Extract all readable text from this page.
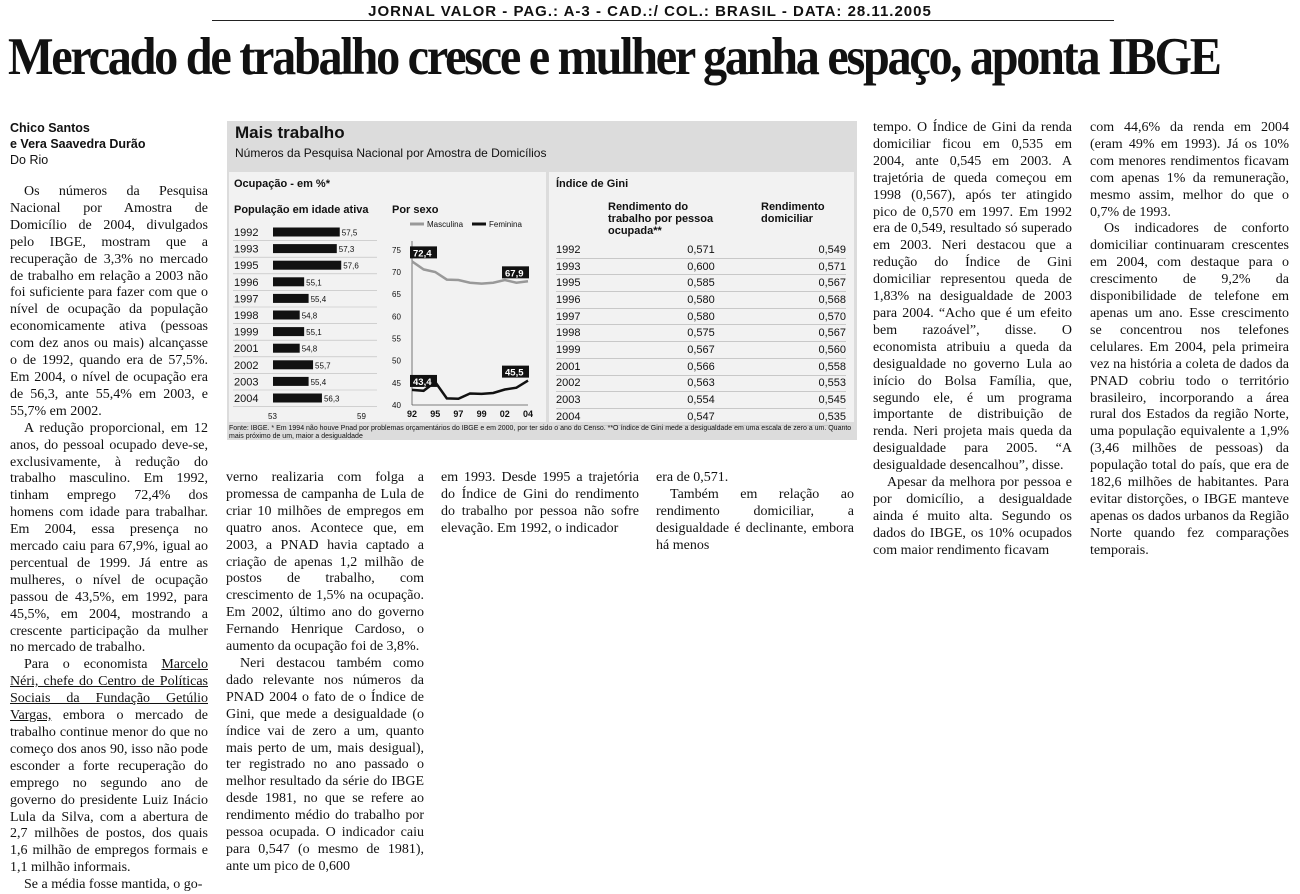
JORNAL VALOR - PAG.: A-3 - CAD.:/ COL.: BRASIL - DATA: 28.11.2005
Mercado de trabalho cresce e mulher ganha espaço, aponta IBGE
Chico Santos
e Vera Saavedra Durão
Do Rio

Os números da Pesquisa Nacional por Amostra de Domicílio de 2004, divulgados pelo IBGE, mostram que a recuperação de 3,3% no mercado de trabalho em relação a 2003 não foi suficiente para fazer com que o nível de ocupação da população economicamente ativa (pessoas com dez anos ou mais) alcançasse o de 1992, quando era de 57,5%. Em 2004, o nível de ocupação era de 56,3, ante 55,4% em 2003, e 55,7% em 2002.

A redução proporcional, em 12 anos, do pessoal ocupado deve-se, exclusivamente, à redução do trabalho masculino. Em 1992, tinham emprego 72,4% dos homens com idade para trabalhar. Em 2004, essa presença no mercado caiu para 67,9%, igual ao percentual de 1999. Já entre as mulheres, o nível de ocupação passou de 43,5%, em 1992, para 45,5%, em 2004, mostrando a crescente participação da mulher no mercado de trabalho.

Para o economista Marcelo Néri, chefe do Centro de Políticas Sociais da Fundação Getúlio Vargas, embora o mercado de trabalho continue menor do que no começo dos anos 90, isso não pode esconder a forte recuperação do emprego no segundo ano de governo do presidente Luiz Inácio Lula da Silva, com a abertura de 2,7 milhões de postos, dos quais 1,6 milhão de empregos formais e 1,1 milhão informais.

Se a média fosse mantida, o go-

Mais trabalho
Números da Pesquisa Nacional por Amostra de Domicílios
Ocupação - em %*
População em idade ativa Por sexo
1992	57,5
1993	57,3
1995	57,6
1996	55,1
1997	55,4
1998	54,8
1999	55,1
2001	54,8
2002	55,7
2003	55,4
2004	56,3
53	59
40
45
50
55
60
65
70
75
92 95 97 99 02 04
Masculina	Feminina
72,4
67,9
43,4
45,5
Índice de Gini
Rendimento do trabalho por pessoa ocupada**
Rendimento domiciliar
1992	0,571	0,549
1993	0,600	0,571
1995	0,585	0,567
1996	0,580	0,568
1997	0,580	0,570
1998	0,575	0,567
1999	0,567	0,560
2001	0,566	0,558
2002	0,563	0,553
2003	0,554	0,545
2004	0,547	0,535
Fonte: IBGE. * Em 1994 não houve Pnad por problemas orçamentários do IBGE e em 2000, por ter sido o ano do Censo. **O índice de Gini mede a desigualdade em uma escala de zero a um. Quanto mais próximo de um, maior a desigualdade

verno realizaria com folga a promessa de campanha de Lula de criar 10 milhões de empregos em quatro anos. Acontece que, em 2003, a PNAD havia captado a criação de apenas 1,2 milhão de postos de trabalho, com crescimento de 1,5% na ocupação. Em 2002, último ano do governo Fernando Henrique Cardoso, o aumento da ocupação foi de 3,8%.

Neri destacou também como dado relevante nos números da PNAD 2004 o fato de o Índice de Gini, que mede a desigualdade (o índice vai de zero a um, quanto mais perto de um, mais desigual), ter registrado no ano passado o melhor resultado da série do IBGE desde 1981, no que se refere ao rendimento médio do trabalho por pessoa ocupada. O indicador caiu para 0,547 (o mesmo de 1981), ante um pico de 0,600

em 1993. Desde 1995 a trajetória do Índice de Gini do rendimento do trabalho por pessoa não sofre elevação. Em 1992, o indicador

era de 0,571.

Também em relação ao rendimento domiciliar, a desigualdade é declinante, embora há menos

tempo. O Índice de Gini da renda domiciliar ficou em 0,535 em 2004, ante 0,545 em 2003. A trajetória de queda começou em 1998 (0,567), após ter atingido pico de 0,570 em 1997. Em 1992 era de 0,549, resultado só superado em 2003. Neri destacou que a redução do Índice de Gini domiciliar representou queda de 1,83% na desigualdade de 2003 para 2004. “Acho que é um efeito bem razoável”, disse. O economista atribuiu a queda da desigualdade no governo Lula ao início do Bolsa Família, que, segundo ele, é um programa importante de distribuição de renda. Neri projeta mais queda da desigualdade para 2005. “A desigualdade desencalhou”, disse.

Apesar da melhora por pessoa e por domicílio, a desigualdade ainda é muito alta. Segundo os dados do IBGE, os 10% ocupados com maior rendimento ficavam

com 44,6% da renda em 2004 (eram 49% em 1993). Já os 10% com menores rendimentos ficavam com apenas 1% da remuneração, mesmo assim, melhor do que o 0,7% de 1993.

Os indicadores de conforto domiciliar continuaram crescentes em 2004, com destaque para o crescimento de 9,2% da disponibilidade de telefone em apenas um ano. Esse crescimento se concentrou nos telefones celulares. Em 2004, pela primeira vez na história a coleta de dados da PNAD cobriu todo o território brasileiro, incorporando a área rural dos Estados da região Norte, uma população equivalente a 1,9% (3,46 milhões de pessoas) da população total do país, que era de 182,6 milhões de habitantes. Para evitar distorções, o IBGE manteve apenas os dados urbanos da Região Norte quando fez comparações temporais.
